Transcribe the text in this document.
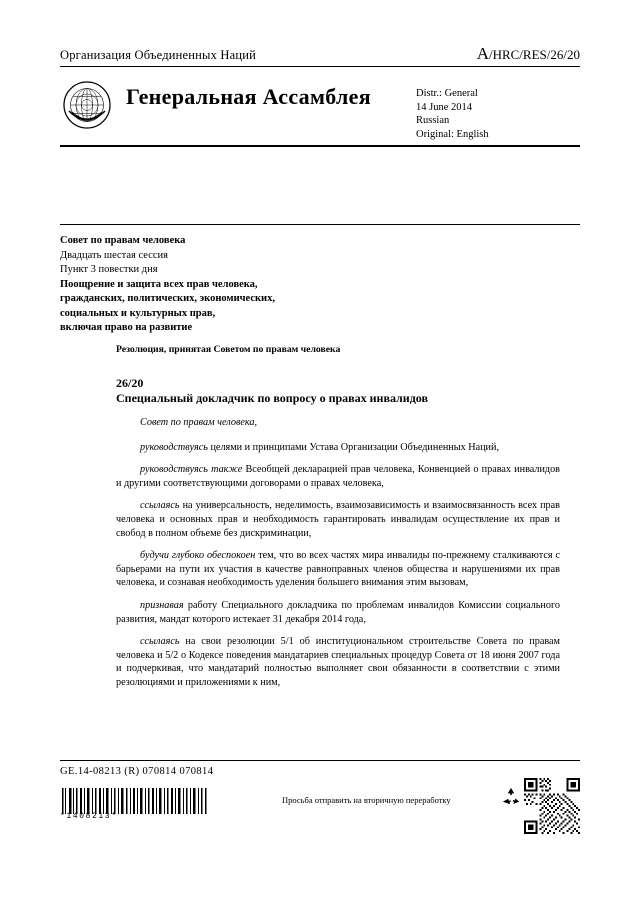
Организация Объединенных Наций	A/HRC/RES/26/20
Генеральная Ассамблея	Distr.: General
14 June 2014
Russian
Original: English
Совет по правам человека
Двадцать шестая сессия
Пункт 3 повестки дня
Поощрение и защита всех прав человека,
гражданских, политических, экономических,
социальных и культурных прав,
включая право на развитие
Резолюция, принятая Советом по правам человека
26/20
Специальный докладчик по вопросу о правах инвалидов

Совет по правам человека,

руководствуясь целями и принципами Устава Организации Объединенных Наций,

руководствуясь также Всеобщей декларацией прав человека, Конвенцией о правах инвалидов и другими соответствующими договорами о правах человека,

ссылаясь на универсальность, неделимость, взаимозависимость и взаимосвязанность всех прав человека и основных прав и необходимость гарантировать инвалидам осуществление их прав и свобод в полном объеме без дискриминации,

будучи глубоко обеспокоен тем, что во всех частях мира инвалиды по-прежнему сталкиваются с барьерами на пути их участия в качестве равноправных членов общества и нарушениями их прав человека, и сознавая необходимость уделения большего внимания этим вызовам,

признавая работу Специального докладчика по проблемам инвалидов Комиссии социального развития, мандат которого истекает 31 декабря 2014 года,

ссылаясь на свои резолюции 5/1 об институциональном строительстве Совета по правам человека и 5/2 о Кодексе поведения мандатариев специальных процедур Совета от 18 июня 2007 года и подчеркивая, что мандатарий полностью выполняет свои обязанности в соответствии с этими резолюциями и приложениями к ним,

GE.14-08213 (R) 070814 070814
*1408213*
Просьба отправить на вторичную переработку
